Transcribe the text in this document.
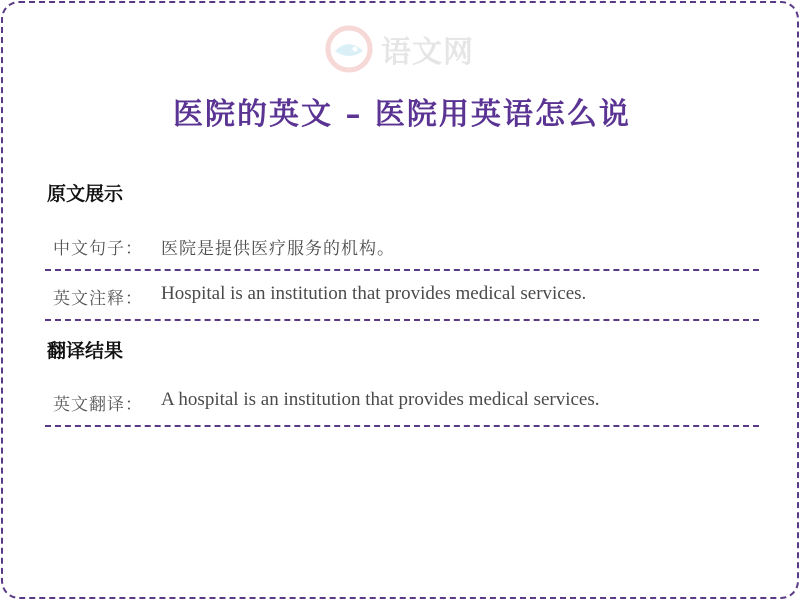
语文网
医院的英文 – 医院用英语怎么说
原文展示
中文句子： 医院是提供医疗服务的机构。
英文注释： Hospital is an institution that provides medical services.
翻译结果
英文翻译： A hospital is an institution that provides medical services.
